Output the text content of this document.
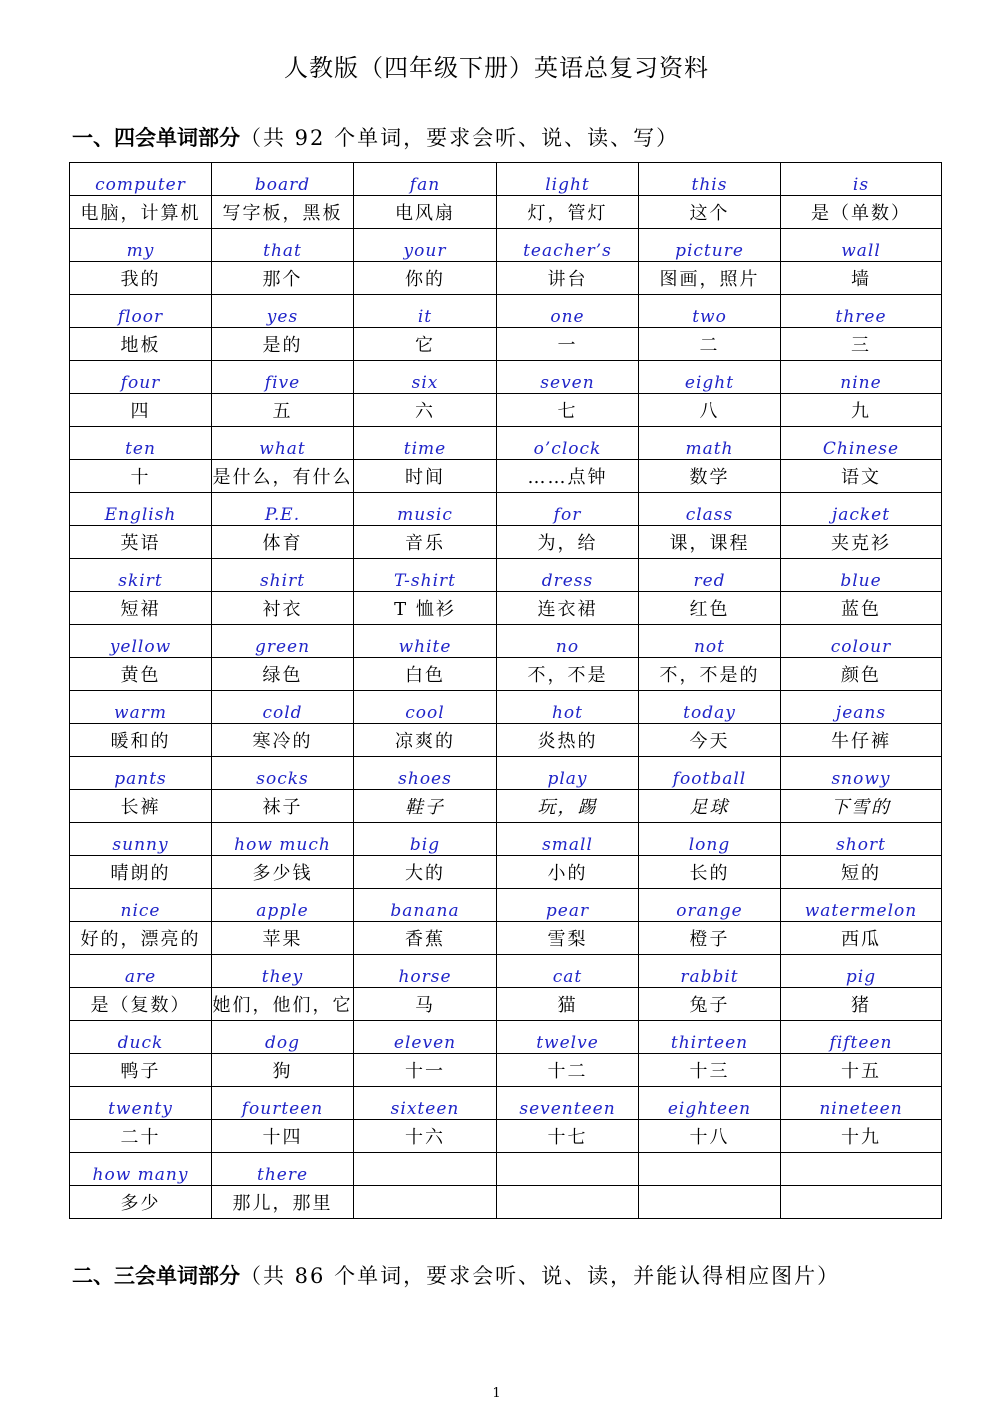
人教版（四年级下册）英语总复习资料
一、四会单词部分（共 92 个单词，要求会听、说、读、写）
computer	board	fan	light	this	is
电脑，计算机	写字板，黑板	电风扇	灯，管灯	这个	是（单数）
my	that	your	teacher’s	picture	wall
我的	那个	你的	讲台	图画，照片	墙
floor	yes	it	one	two	three
地板	是的	它	一	二	三
four	five	six	seven	eight	nine
四	五	六	七	八	九
ten	what	time	o’clock	math	Chinese
十	是什么，有什么	时间	……点钟	数学	语文
English	P.E.	music	for	class	jacket
英语	体育	音乐	为，给	课，课程	夹克衫
skirt	shirt	T-shirt	dress	red	blue
短裙	衬衣	T 恤衫	连衣裙	红色	蓝色
yellow	green	white	no	not	colour
黄色	绿色	白色	不，不是	不，不是的	颜色
warm	cold	cool	hot	today	jeans
暖和的	寒冷的	凉爽的	炎热的	今天	牛仔裤
pants	socks	shoes	play	football	snowy
长裤	袜子	鞋子	玩，踢	足球	下雪的
sunny	how much	big	small	long	short
晴朗的	多少钱	大的	小的	长的	短的
nice	apple	banana	pear	orange	watermelon
好的，漂亮的	苹果	香蕉	雪梨	橙子	西瓜
are	they	horse	cat	rabbit	pig
是（复数）	她们，他们，它	马	猫	兔子	猪
duck	dog	eleven	twelve	thirteen	fifteen
鸭子	狗	十一	十二	十三	十五
twenty	fourteen	sixteen	seventeen	eighteen	nineteen
二十	十四	十六	十七	十八	十九
how many	there				
多少	那儿，那里				
二、三会单词部分（共 86 个单词，要求会听、说、读，并能认得相应图片）
1
